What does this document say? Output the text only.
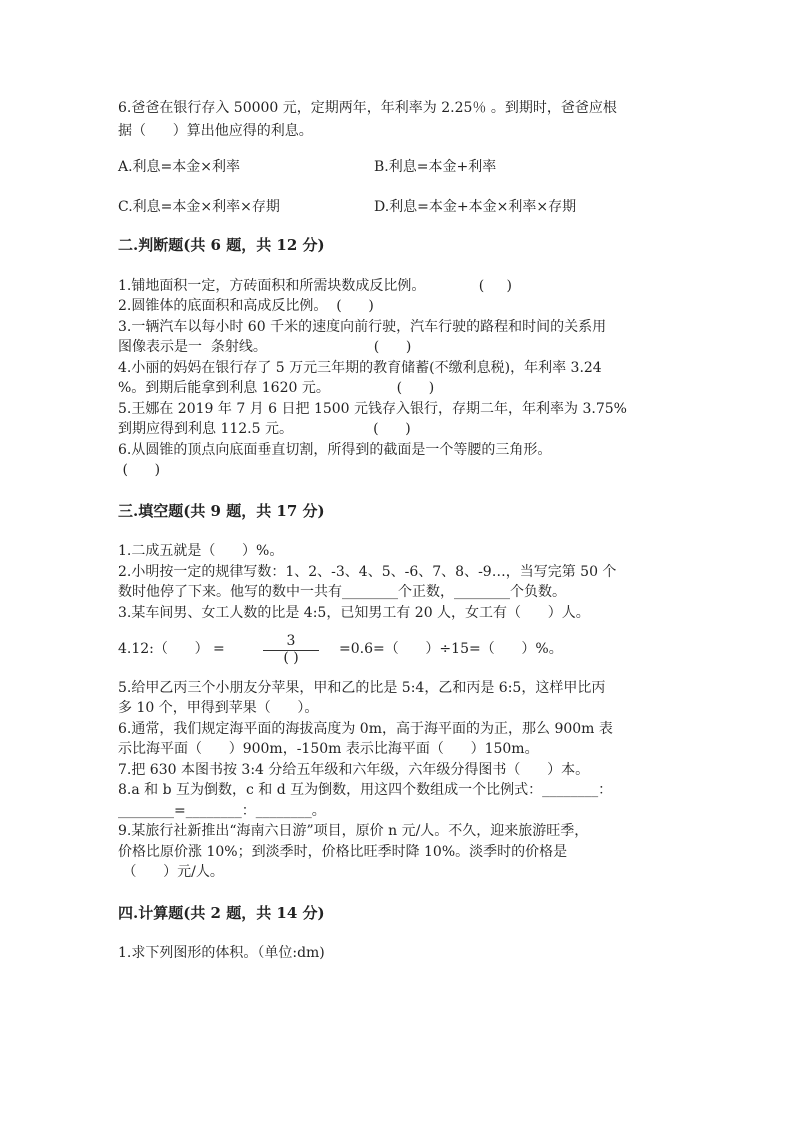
6.爸爸在银行存入 50000 元，定期两年，年利率为 2.25％ 。到期时，爸爸应根
据（      ）算出他应得的利息。
A.利息=本金×利率	B.利息=本金+利率
C.利息=本金×利率×存期	D.利息=本金+本金×利率×存期
二.判断题(共 6 题，共 12 分)
1.铺地面积一定，方砖面积和所需块数成反比例。            (     )
2.圆锥体的底面积和高成反比例。  (      )
3.一辆汽车以每小时 60 千米的速度向前行驶，汽车行驶的路程和时间的关系用
图像表示是一  条射线。                        (      )
4.小丽的妈妈在银行存了 5 万元三年期的教育储蓄(不缴利息税)，年利率 3.24
%。到期后能拿到利息 1620 元。               (      )
5.王娜在 2019 年 7 月 6 日把 1500 元钱存入银行，存期二年，年利率为 3.75%
到期应得到利息 112.5 元。                  (      )
6.从圆锥的顶点向底面垂直切割，所得到的截面是一个等腰的三角形。
(      )
三.填空题(共 9 题，共 17 分)
1.二成五就是（      ）%。
2.小明按一定的规律写数：1、2、-3、4、5、-6、7、8、-9…，当写完第 50 个
数时他停了下来。他写的数中一共有________个正数，________个负数。
3.某车间男、女工人数的比是 4:5，已知男工有 20 人，女工有（      ）人。
4.12:（      ） =	3
( )
=0.6=（      ）÷15=（      ）%。
5.给甲乙丙三个小朋友分苹果，甲和乙的比是 5:4，乙和丙是 6:5，这样甲比丙
多 10 个，甲得到苹果（      ）。
6.通常，我们规定海平面的海拔高度为 0m，高于海平面的为正，那么 900m 表
示比海平面（      ）900m，-150m 表示比海平面（      ）150m。
7.把 630 本图书按 3:4 分给五年级和六年级，六年级分得图书（      ）本。
8.a 和 b 互为倒数，c 和 d 互为倒数，用这四个数组成一个比例式：________：
________=________：________。
9.某旅行社新推出“海南六日游”项目，原价 n 元/人。不久，迎来旅游旺季，
价格比原价涨 10%；到淡季时，价格比旺季时降 10%。淡季时的价格是
（      ）元/人。
四.计算题(共 2 题，共 14 分)
1.求下列图形的体积。（单位:dm)
